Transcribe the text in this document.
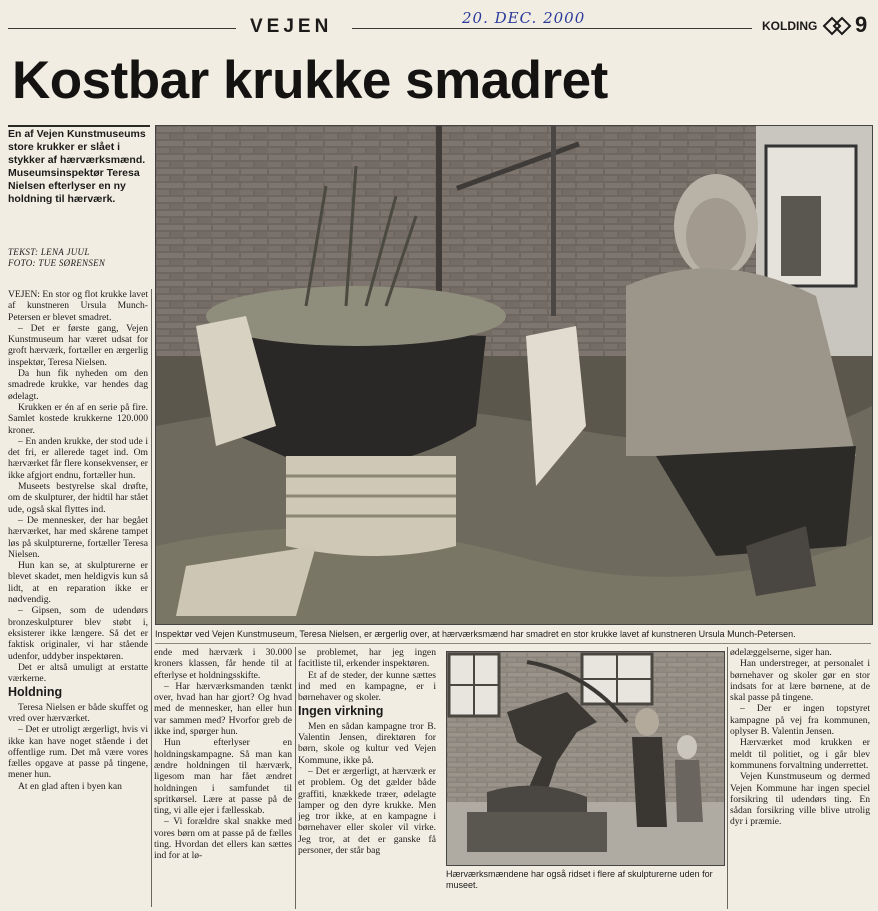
VEJEN	20. DEC. 2000	KOLDING 9
Kostbar krukke smadret
En af Vejen Kunstmuseums store krukker er slået i stykker af hærværksmænd. Museumsinspektør Teresa Nielsen efterlyser en ny holdning til hærværk.
TEKST: LENA JUUL
FOTO: TUE SØRENSEN

VEJEN: En stor og flot krukke lavet af kunstneren Ursula Munch-Petersen er blevet smadret.

– Det er første gang, Vejen Kunstmuseum har været udsat for groft hærværk, fortæller en ærgerlig inspektør, Teresa Nielsen.

Da hun fik nyheden om den smadrede krukke, var hendes dag ødelagt.

Krukken er én af en serie på fire. Samlet kostede krukkerne 120.000 kroner.

– En anden krukke, der stod ude i det fri, er allerede taget ind. Om hærværket får flere konsekvenser, er ikke afgjort endnu, fortæller hun.

Museets bestyrelse skal drøfte, om de skulpturer, der hidtil har stået ude, også skal flyttes ind.

– De mennesker, der har begået hærværket, har med skårene tampet løs på skulpturerne, fortæller Teresa Nielsen.

Hun kan se, at skulpturerne er blevet skadet, men heldigvis kun så lidt, at en reparation ikke er nødvendig.

– Gipsen, som de udendørs bronzeskulpturer blev støbt i, eksisterer ikke længere. Så det er faktisk originaler, vi har stående udenfor, uddyber inspektøren.

Det er altså umuligt at erstatte værkerne.

Holdning

Teresa Nielsen er både skuffet og vred over hærværket.

– Det er utroligt ærgerligt, hvis vi ikke kan have noget stående i det offentlige rum. Det må være vores fælles opgave at passe på tingene, mener hun.

At en glad aften i byen kan

Inspektør ved Vejen Kunstmuseum, Teresa Nielsen, er ærgerlig over, at hærværksmænd har smadret en stor krukke lavet af kunstneren Ursula Munch-Petersen.

ende med hærværk i 30.000 kroners klassen, får hende til at efterlyse et holdningsskifte.

– Har hærværksmanden tænkt over, hvad han har gjort? Og hvad med de mennesker, han eller hun var sammen med? Hvorfor greb de ikke ind, spørger hun.

Hun efterlyser en holdningskampagne. Så man kan ændre holdningen til hærværk, ligesom man har fået ændret holdningen i samfundet til spritkørsel. Lære at passe på de ting, vi alle ejer i fællesskab.

– Vi forældre skal snakke med vores børn om at passe på de fælles ting. Hvordan det ellers kan sættes ind for at lø-

se problemet, har jeg ingen facitliste til, erkender inspektøren.

Et af de steder, der kunne sættes ind med en kampagne, er i børnehaver og skoler.

Ingen virkning

Men en sådan kampagne tror B. Valentin Jensen, direktøren for børn, skole og kultur ved Vejen Kommune, ikke på.

– Det er ærgerligt, at hærværk er et problem. Og det gælder både graffiti, knækkede træer, ødelagte lamper og den dyre krukke. Men jeg tror ikke, at en kampagne i børnehaver eller skoler vil virke. Jeg tror, at det er ganske få personer, der står bag

Hærværksmændene har også ridset i flere af skulpturerne uden for museet.

ødelæggelserne, siger han.

Han understreger, at personalet i børnehaver og skoler gør en stor indsats for at lære børnene, at de skal passe på tingene.

– Der er ingen topstyret kampagne på vej fra kommunen, oplyser B. Valentin Jensen.

Hærværket mod krukken er meldt til politiet, og i går blev kommunens forvaltning underrettet.

Vejen Kunstmuseum og dermed Vejen Kommune har ingen speciel forsikring til udendørs ting. En sådan forsikring ville blive utrolig dyr i præmie.
